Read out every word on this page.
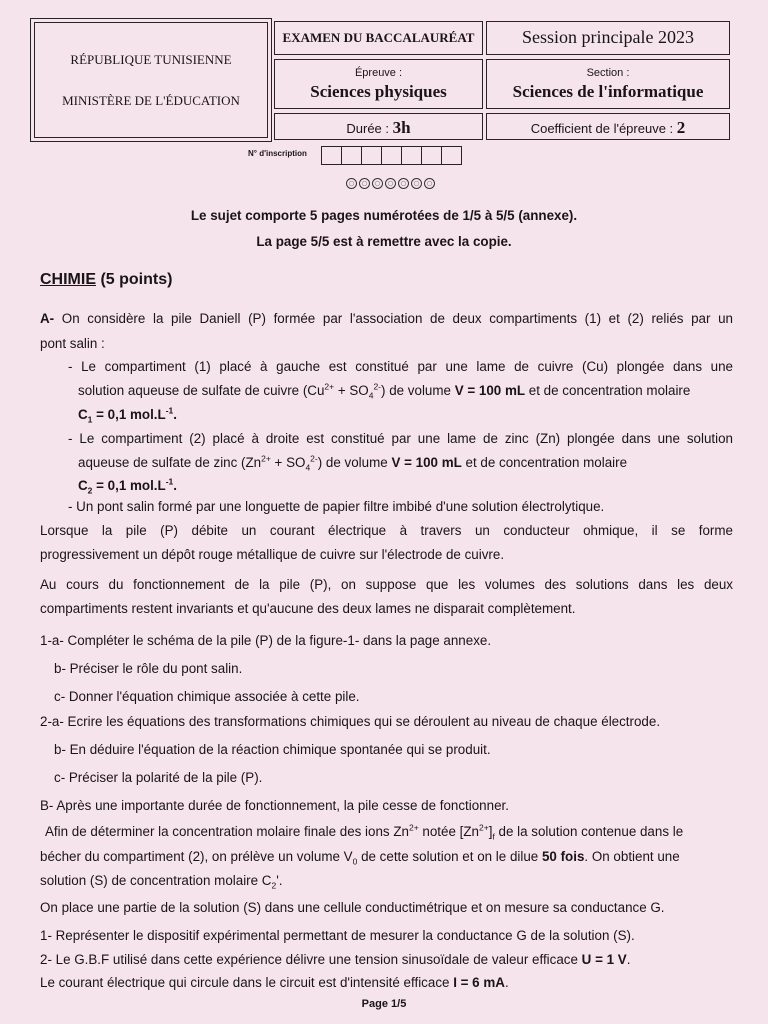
RÉPUBLIQUE TUNISIENNE
MINISTÈRE DE L'ÉDUCATION
EXAMEN DU BACCALAURÉAT	Session principale 2023
Épreuve :
Sciences physiques
Section :
Sciences de l'informatique
Durée : 3h	Coefficient de l'épreuve : 2
N° d'inscription
Le sujet comporte 5 pages numérotées de 1/5 à 5/5 (annexe).
La page 5/5 est à remettre avec la copie.
CHIMIE (5 points)
A- On considère la pile Daniell (P) formée par l'association de deux compartiments (1) et (2) reliés par un
pont salin :
- Le compartiment (1) placé à gauche est constitué par une lame de cuivre (Cu) plongée dans une
solution aqueuse de sulfate de cuivre $(Cu^{2+} + SO_4^{2-})$ de volume V = 100 mL et de concentration molaire
$C_1 = 0,1$ $mol.L^{-1}$.
- Le compartiment (2) placé à droite est constitué par une lame de zinc (Zn) plongée dans une solution
aqueuse de sulfate de zinc $(Zn^{2+} + SO_4^{2-})$ de volume V = 100 mL et de concentration molaire
$C_2 = 0,1$ $mol.L^{-1}$.
- Un pont salin formé par une longuette de papier filtre imbibé d'une solution électrolytique.
Lorsque la pile (P) débite un courant électrique à travers un conducteur ohmique, il se forme
progressivement un dépôt rouge métallique de cuivre sur l'électrode de cuivre.
Au cours du fonctionnement de la pile (P), on suppose que les volumes des solutions dans les deux
compartiments restent invariants et qu'aucune des deux lames ne disparait complètement.
1-a- Compléter le schéma de la pile (P) de la figure-1- dans la page annexe.
b- Préciser le rôle du pont salin.
c- Donner l'équation chimique associée à cette pile.
2-a- Ecrire les équations des transformations chimiques qui se déroulent au niveau de chaque électrode.
b- En déduire l'équation de la réaction chimique spontanée qui se produit.
c- Préciser la polarité de la pile (P).
B- Après une importante durée de fonctionnement, la pile cesse de fonctionner.
Afin de déterminer la concentration molaire finale des ions $Zn^{2+}$ notée $[Zn^{2+}]_f$ de la solution contenue dans le
bécher du compartiment (2), on prélève un volume $V_0$ de cette solution et on le dilue 50 fois. On obtient une
solution (S) de concentration molaire $C_2'$.
On place une partie de la solution (S) dans une cellule conductimétrique et on mesure sa conductance G.
1- Représenter le dispositif expérimental permettant de mesurer la conductance G de la solution (S).
2- Le G.B.F utilisé dans cette expérience délivre une tension sinusoïdale de valeur efficace U = 1 V.
Le courant électrique qui circule dans le circuit est d'intensité efficace I = 6 mA.
Page 1/5
